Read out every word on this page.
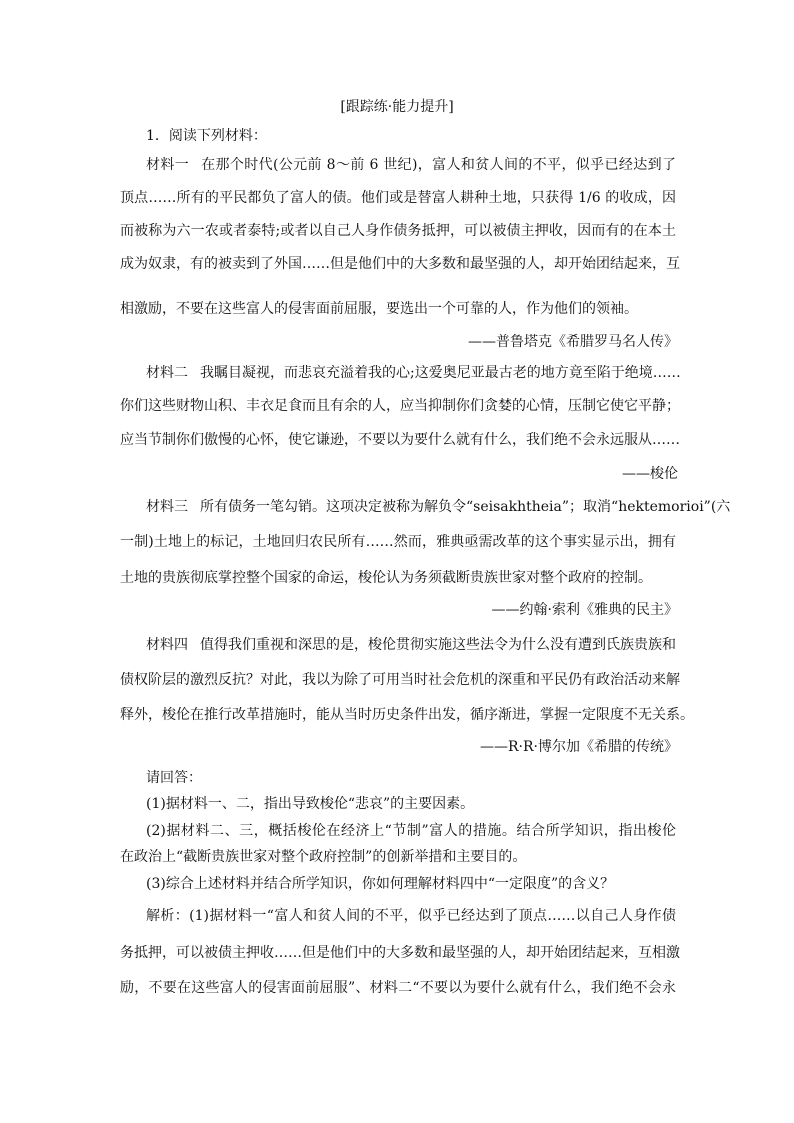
[跟踪练·能力提升]
1．阅读下列材料：
材料一 在那个时代(公元前 8～前 6 世纪)，富人和贫人间的不平，似乎已经达到了
顶点……所有的平民都负了富人的债。他们或是替富人耕种土地，只获得 1/6 的收成，因
而被称为六一农或者泰特;或者以自己人身作债务抵押，可以被债主押收，因而有的在本土
成为奴隶，有的被卖到了外国……但是他们中的大多数和最坚强的人，却开始团结起来，互
相激励，不要在这些富人的侵害面前屈服，要选出一个可靠的人，作为他们的领袖。
——普鲁塔克《希腊罗马名人传》
材料二 我瞩目凝视，而悲哀充溢着我的心;这爱奥尼亚最古老的地方竟至陷于绝境……
你们这些财物山积、丰衣足食而且有余的人，应当抑制你们贪婪的心情，压制它使它平静；
应当节制你们傲慢的心怀，使它谦逊，不要以为要什么就有什么，我们绝不会永远服从……
——梭伦
材料三 所有债务一笔勾销。这项决定被称为解负令“seisakhtheia”；取消“hektemorioi”(六
一制)土地上的标记，土地回归农民所有……然而，雅典亟需改革的这个事实显示出，拥有
土地的贵族彻底掌控整个国家的命运，梭伦认为务须截断贵族世家对整个政府的控制。
——约翰·索利《雅典的民主》
材料四 值得我们重视和深思的是，梭伦贯彻实施这些法令为什么没有遭到氏族贵族和
债权阶层的激烈反抗？对此，我以为除了可用当时社会危机的深重和平民仍有政治活动来解
释外，梭伦在推行改革措施时，能从当时历史条件出发，循序渐进，掌握一定限度不无关系。
——R·R·博尔加《希腊的传统》
请回答：
(1)据材料一、二，指出导致梭伦“悲哀”的主要因素。
(2)据材料二、三，概括梭伦在经济上“节制”富人的措施。结合所学知识，指出梭伦
在政治上“截断贵族世家对整个政府控制”的创新举措和主要目的。
(3)综合上述材料并结合所学知识，你如何理解材料四中“一定限度”的含义？
解析：(1)据材料一“富人和贫人间的不平，似乎已经达到了顶点……以自己人身作债
务抵押，可以被债主押收……但是他们中的大多数和最坚强的人，却开始团结起来，互相激
励，不要在这些富人的侵害面前屈服”、材料二“不要以为要什么就有什么，我们绝不会永
